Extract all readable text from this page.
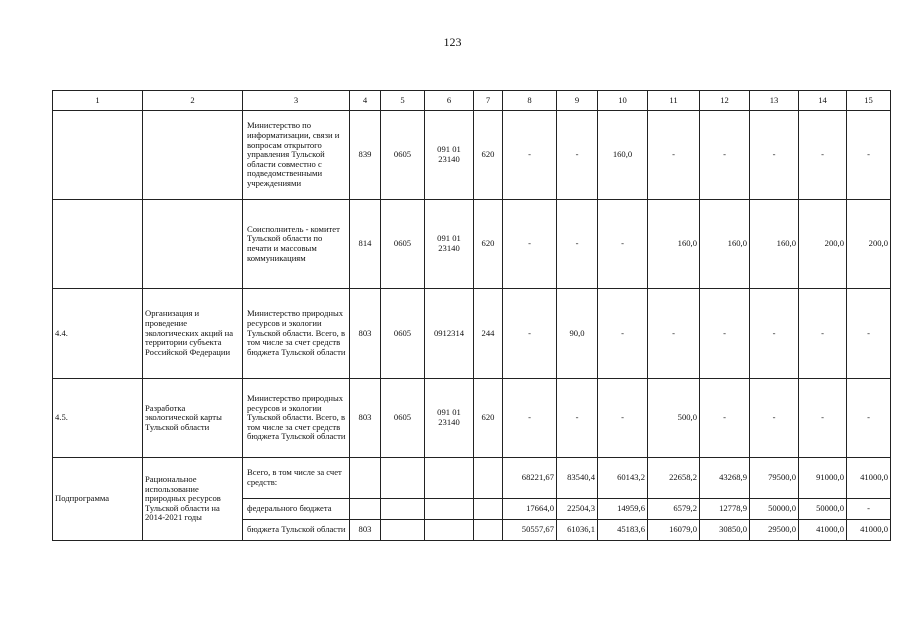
123
1	2	3	4	5	6	7	8	9	10	11	12	13	14	15
		Министерство по информатизации, связи и вопросам открытого управления Тульской области совместно с подведомственными учреждениями	839	0605	091 01 23140	620	-	-	160,0	-	-	-	-	-
		Соисполнитель - комитет Тульской области по печати и массовым коммуникациям	814	0605	091 01 23140	620	-	-	-	160,0	160,0	160,0	200,0	200,0
4.4.	Организация и проведение экологических акций на территории субъекта Российской Федерации	Министерство природных ресурсов и экологии Тульской области. Всего, в том числе за счет средств бюджета Тульской области	803	0605	0912314	244	-	90,0	-	-	-	-	-	-
4.5.	Разработка экологической карты Тульской области	Министерство природных ресурсов и экологии Тульской области. Всего, в том числе за счет средств бюджета Тульской области	803	0605	091 01 23140	620	-	-	-	500,0	-	-	-	-
Подпрограмма	Рациональное использование природных ресурсов Тульской области на 2014-2021 годы	Всего, в том числе за счет средств:					68221,67	83540,4	60143,2	22658,2	43268,9	79500,0	91000,0	41000,0
		федерального бюджета					17664,0	22504,3	14959,6	6579,2	12778,9	50000,0	50000,0	-
		бюджета Тульской области	803				50557,67	61036,1	45183,6	16079,0	30850,0	29500,0	41000,0	41000,0
